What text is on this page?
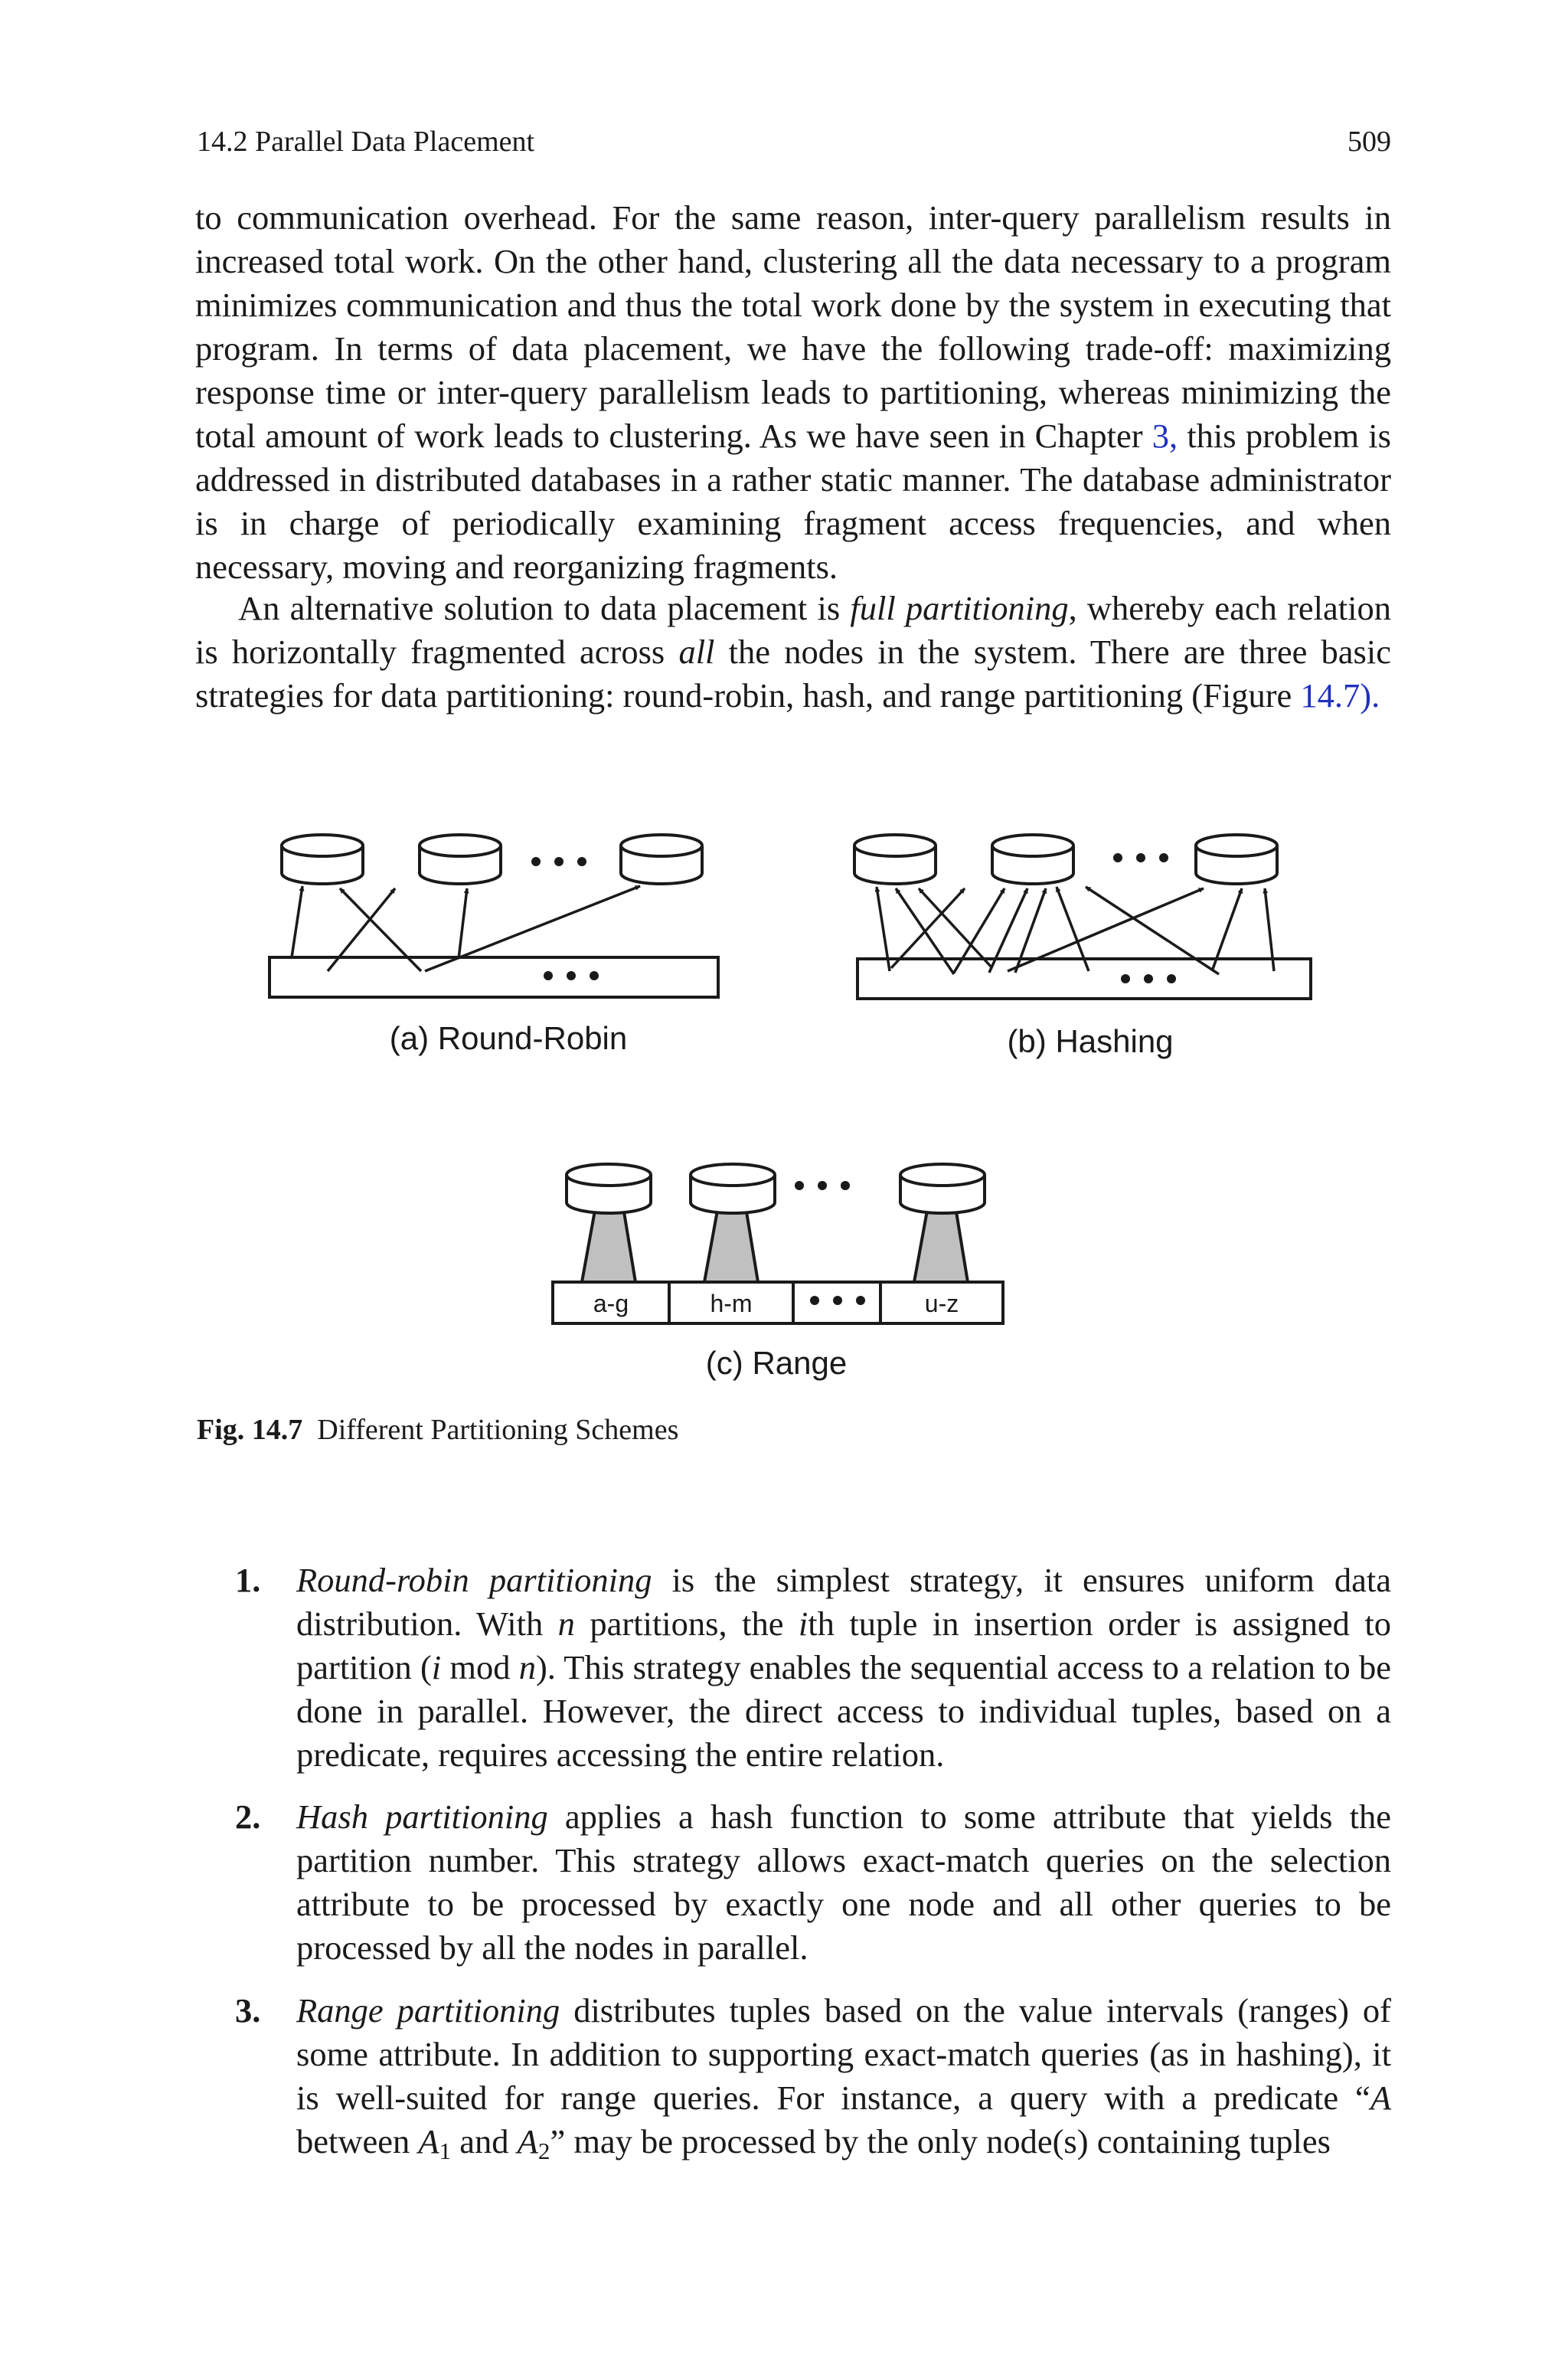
14.2 Parallel Data Placement	509

to communication overhead. For the same reason, inter-query parallelism results in increased total work. On the other hand, clustering all the data necessary to a program minimizes communication and thus the total work done by the system in executing that program. In terms of data placement, we have the following trade-off: maximizing response time or inter-query parallelism leads to partitioning, whereas minimizing the total amount of work leads to clustering. As we have seen in Chapter 3, this problem is addressed in distributed databases in a rather static manner. The database administrator is in charge of periodically examining fragment access frequencies, and when necessary, moving and reorganizing fragments.

An alternative solution to data placement is full partitioning, whereby each relation is horizontally fragmented across all the nodes in the system. There are three basic strategies for data partitioning: round-robin, hash, and range partitioning (Figure 14.7).

(a) Round-Robin	(b) Hashing
a-g	h-m	u-z
(c) Range
Fig. 14.7 Different Partitioning Schemes
1. Round-robin partitioning is the simplest strategy, it ensures uniform data distribution. With n partitions, the ith tuple in insertion order is assigned to partition (i mod n). This strategy enables the sequential access to a relation to be done in parallel. However, the direct access to individual tuples, based on a predicate, requires accessing the entire relation.
2. Hash partitioning applies a hash function to some attribute that yields the partition number. This strategy allows exact-match queries on the selection attribute to be processed by exactly one node and all other queries to be processed by all the nodes in parallel.
3. Range partitioning distributes tuples based on the value intervals (ranges) of some attribute. In addition to supporting exact-match queries (as in hashing), it is well-suited for range queries. For instance, a query with a predicate “A between $A_1$ and $A_2$” may be processed by the only node(s) containing tuples
